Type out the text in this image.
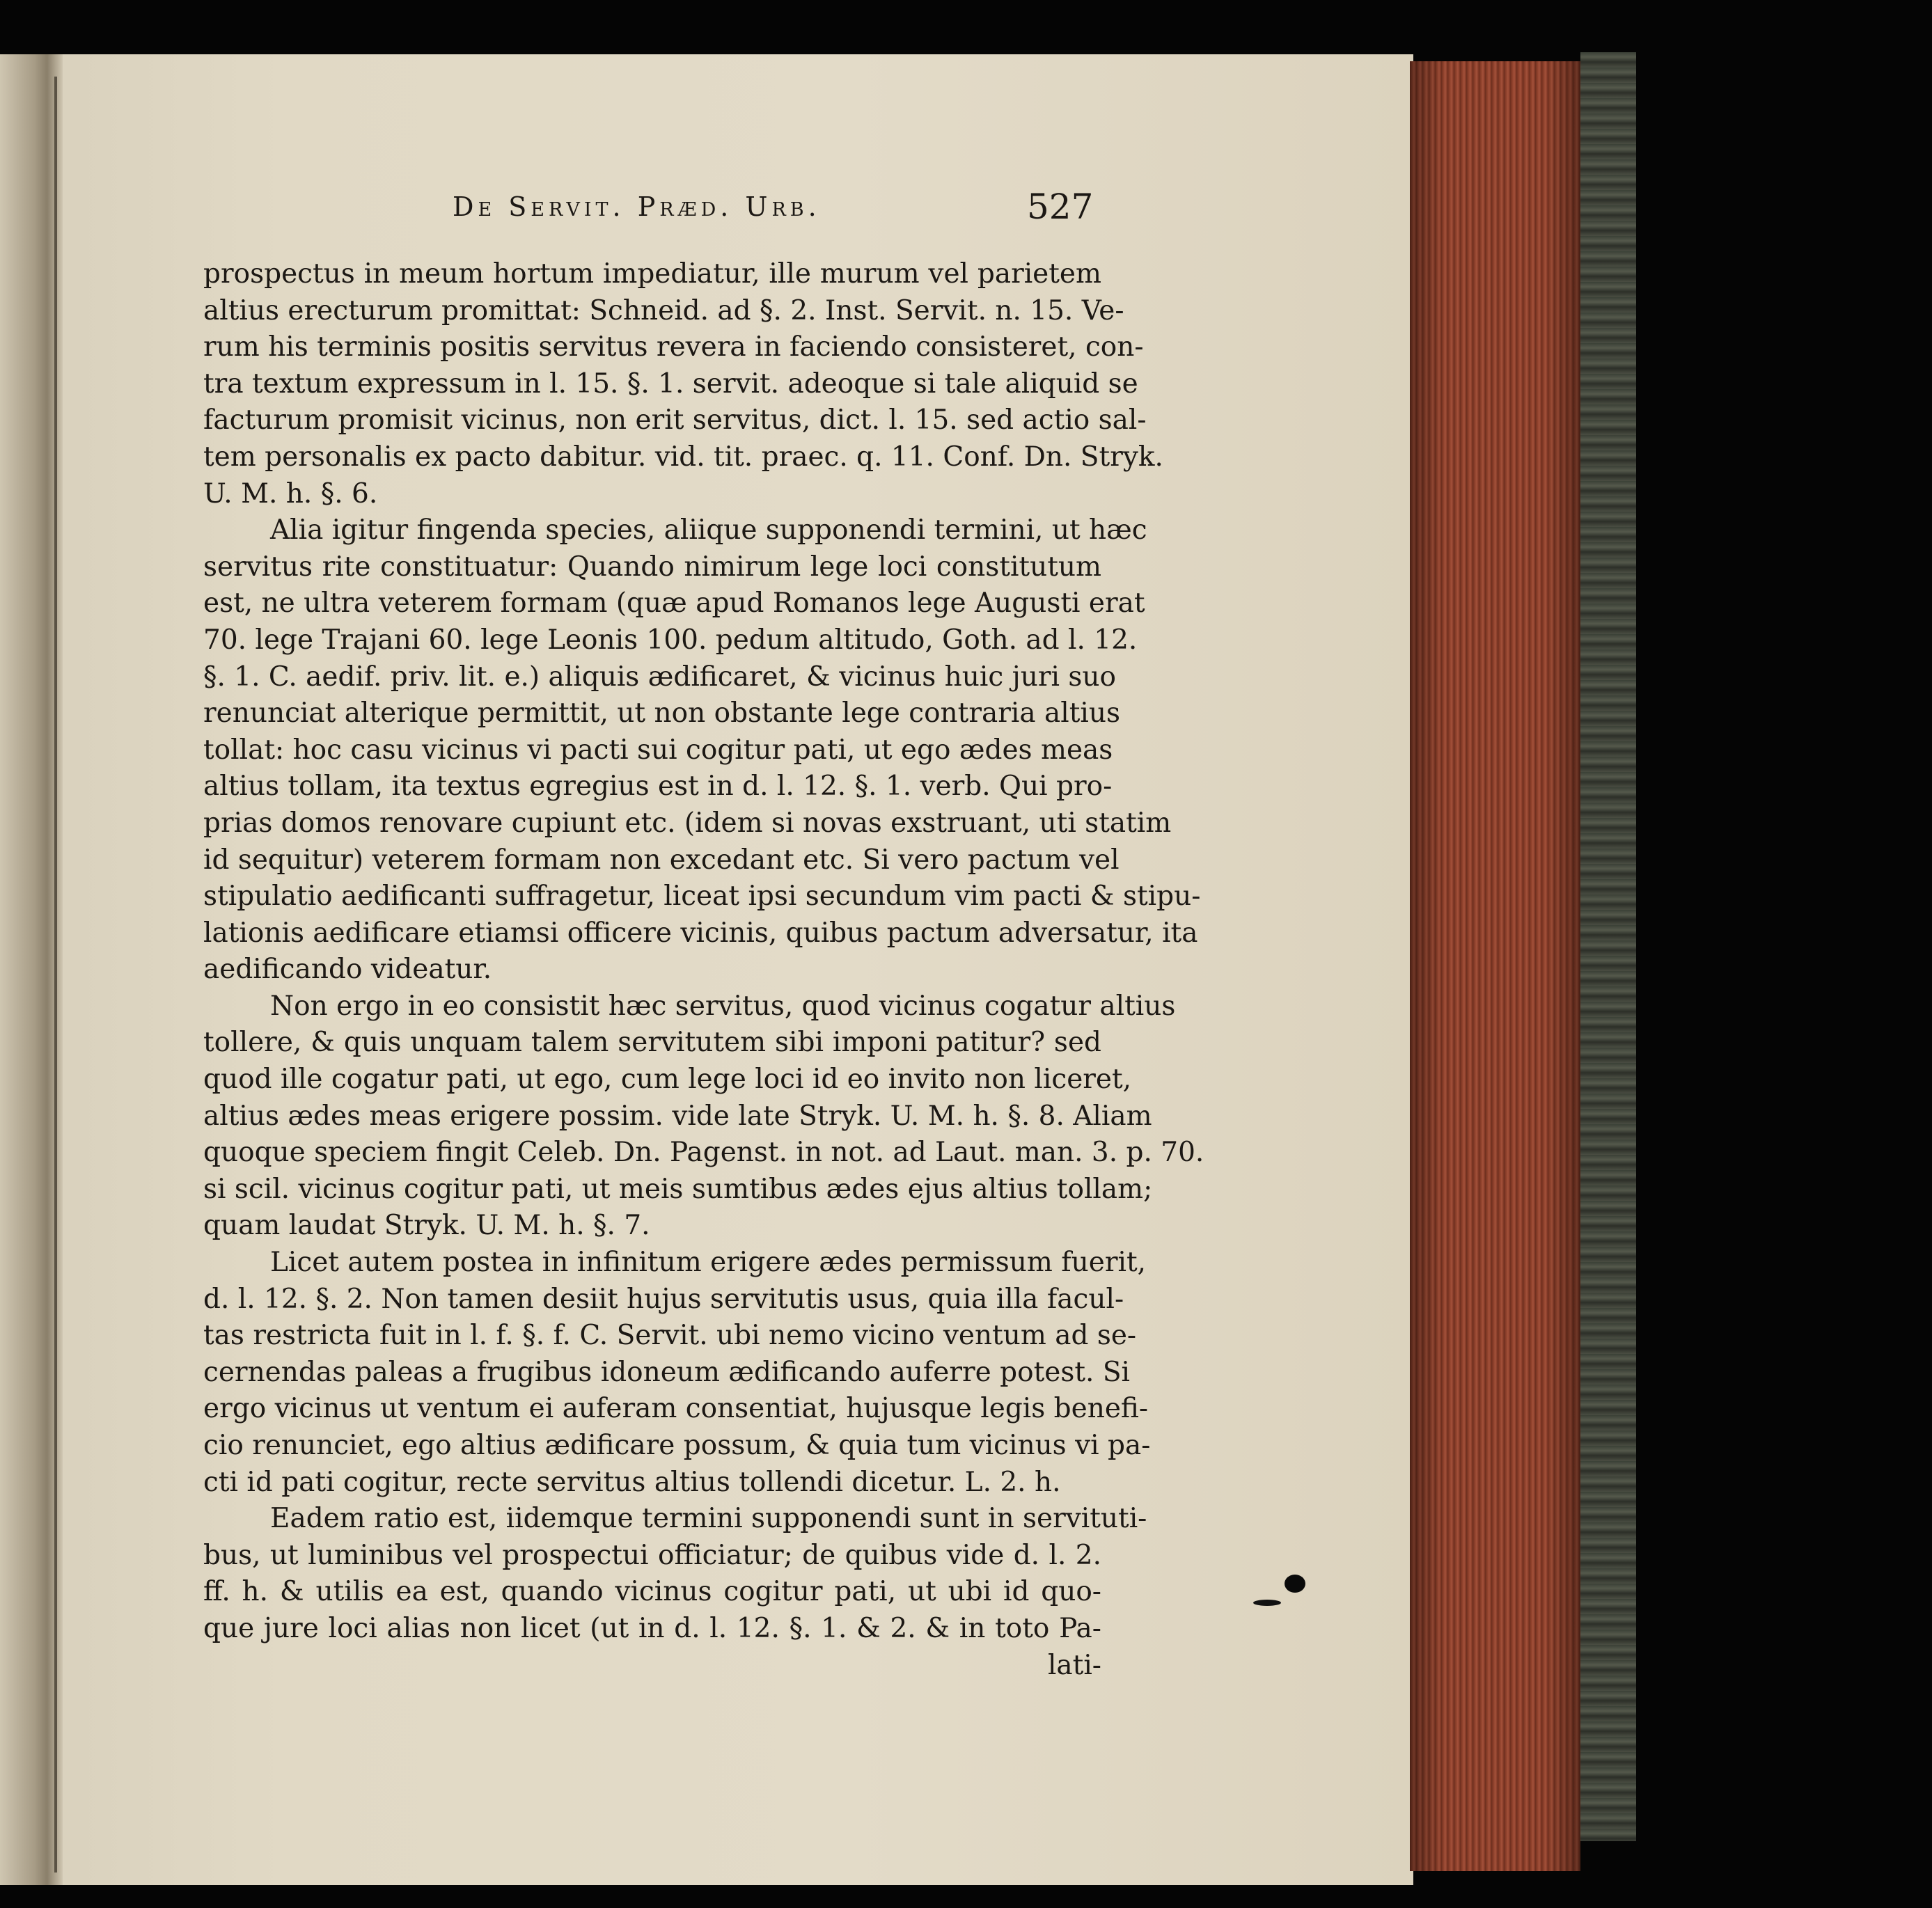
De Servit. Præd. Urb.	527
prospectus in meum hortum impediatur, ille murum vel parietem
altius erecturum promittat: Schneid. ad §. 2. Inst. Servit. n. 15. Ve-
rum his terminis positis servitus revera in faciendo consisteret, con-
tra textum expressum in l. 15. §. 1. servit. adeoque si tale aliquid se
facturum promisit vicinus, non erit servitus, dict. l. 15. sed actio sal-
tem personalis ex pacto dabitur. vid. tit. praec. q. 11. Conf. Dn. Stryk.
U. M. h. §. 6.
Alia igitur fingenda species, aliique supponendi termini, ut hæc
servitus rite constituatur: Quando nimirum lege loci constitutum
est, ne ultra veterem formam (quæ apud Romanos lege Augusti erat
70. lege Trajani 60. lege Leonis 100. pedum altitudo, Goth. ad l. 12.
§. 1. C. aedif. priv. lit. e.) aliquis ædificaret, & vicinus huic juri suo
renunciat alterique permittit, ut non obstante lege contraria altius
tollat: hoc casu vicinus vi pacti sui cogitur pati, ut ego ædes meas
altius tollam, ita textus egregius est in d. l. 12. §. 1. verb. Qui pro-
prias domos renovare cupiunt etc. (idem si novas exstruant, uti statim
id sequitur) veterem formam non excedant etc. Si vero pactum vel
stipulatio aedificanti suffragetur, liceat ipsi secundum vim pacti & stipu-
lationis aedificare etiamsi officere vicinis, quibus pactum adversatur, ita
aedificando videatur.
Non ergo in eo consistit hæc servitus, quod vicinus cogatur altius
tollere, & quis unquam talem servitutem sibi imponi patitur? sed
quod ille cogatur pati, ut ego, cum lege loci id eo invito non liceret,
altius ædes meas erigere possim. vide late Stryk. U. M. h. §. 8. Aliam
quoque speciem fingit Celeb. Dn. Pagenst. in not. ad Laut. man. 3. p. 70.
si scil. vicinus cogitur pati, ut meis sumtibus ædes ejus altius tollam;
quam laudat Stryk. U. M. h. §. 7.
Licet autem postea in infinitum erigere ædes permissum fuerit,
d. l. 12. §. 2. Non tamen desiit hujus servitutis usus, quia illa facul-
tas restricta fuit in l. f. §. f. C. Servit. ubi nemo vicino ventum ad se-
cernendas paleas a frugibus idoneum ædificando auferre potest. Si
ergo vicinus ut ventum ei auferam consentiat, hujusque legis benefi-
cio renunciet, ego altius ædificare possum, & quia tum vicinus vi pa-
cti id pati cogitur, recte servitus altius tollendi dicetur. L. 2. h.
Eadem ratio est, iidemque termini supponendi sunt in servituti-
bus, ut luminibus vel prospectui officiatur; de quibus vide d. l. 2.
ff. h. & utilis ea est, quando vicinus cogitur pati, ut ubi id quo-
que jure loci alias non licet (ut in d. l. 12. §. 1. & 2. & in toto Pa-
lati-
